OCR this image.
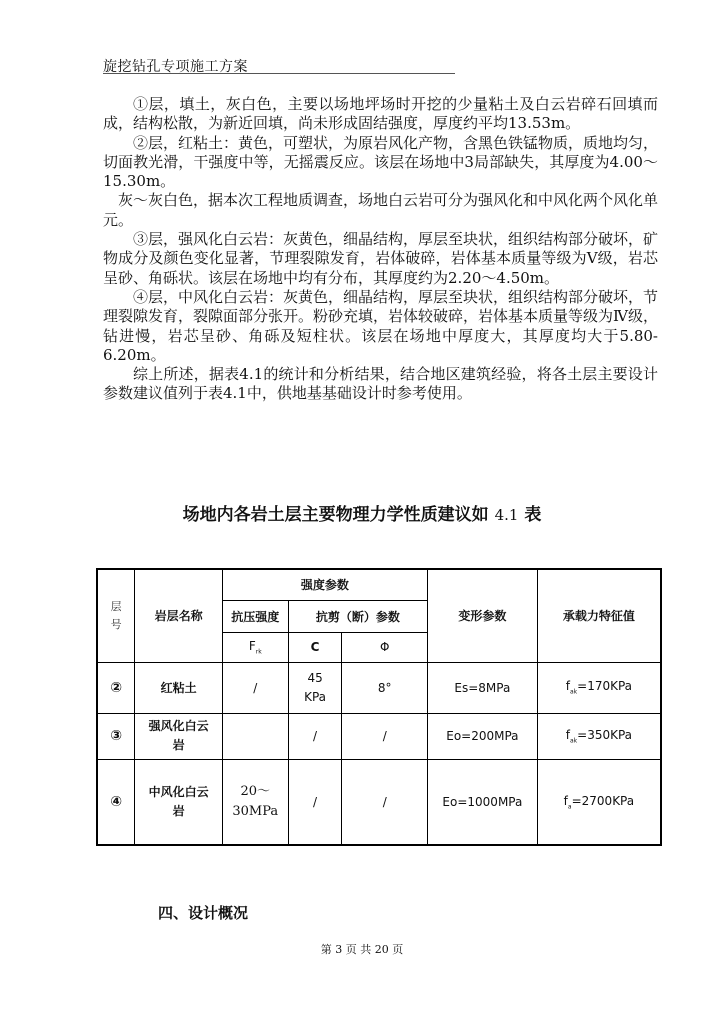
旋挖钻孔专项施工方案

①层，填土，灰白色，主要以场地坪场时开挖的少量粘土及白云岩碎石回填而成，结构松散，为新近回填，尚未形成固结强度，厚度约平均13.53m。

②层，红粘土：黄色，可塑状，为原岩风化产物，含黑色铁锰物质，质地均匀，切面教光滑，干强度中等，无摇震反应。该层在场地中3局部缺失，其厚度为4.00～15.30m。

灰～灰白色，据本次工程地质调查，场地白云岩可分为强风化和中风化两个风化单元。

③层，强风化白云岩：灰黄色，细晶结构，厚层至块状，组织结构部分破坏，矿物成分及颜色变化显著，节理裂隙发育，岩体破碎，岩体基本质量等级为Ⅴ级，岩芯呈砂、角砾状。该层在场地中均有分布，其厚度约为2.20～4.50m。

④层，中风化白云岩：灰黄色，细晶结构，厚层至块状，组织结构部分破坏，节理裂隙发育，裂隙面部分张开。粉砂充填，岩体较破碎，岩体基本质量等级为Ⅳ级，钻进慢，岩芯呈砂、角砾及短柱状。该层在场地中厚度大，其厚度均大于5.80-6.20m。

综上所述，据表4.1的统计和分析结果，结合地区建筑经验，将各土层主要设计参数建议值列于表4.1中，供地基基础设计时参考使用。

场地内各岩土层主要物理力学性质建议如 4.1 表
层
号	岩层名称	强度参数			变形参数	承载力特征值
		抗压强度	抗剪（断）参数			
		$F_{rk}$	C	Φ		
②	红粘土	/	45
KPa	8°	Es=8MPa	$f_{ak}=170KPa$
③	强风化白云
岩		/	/	Eo=200MPa	$f_{ak}=350KPa$
④	中风化白云
岩	20～
30MPa	/	/	Eo=1000MPa	$f_a=2700KPa$
四、设计概况
第 3 页 共 20 页
